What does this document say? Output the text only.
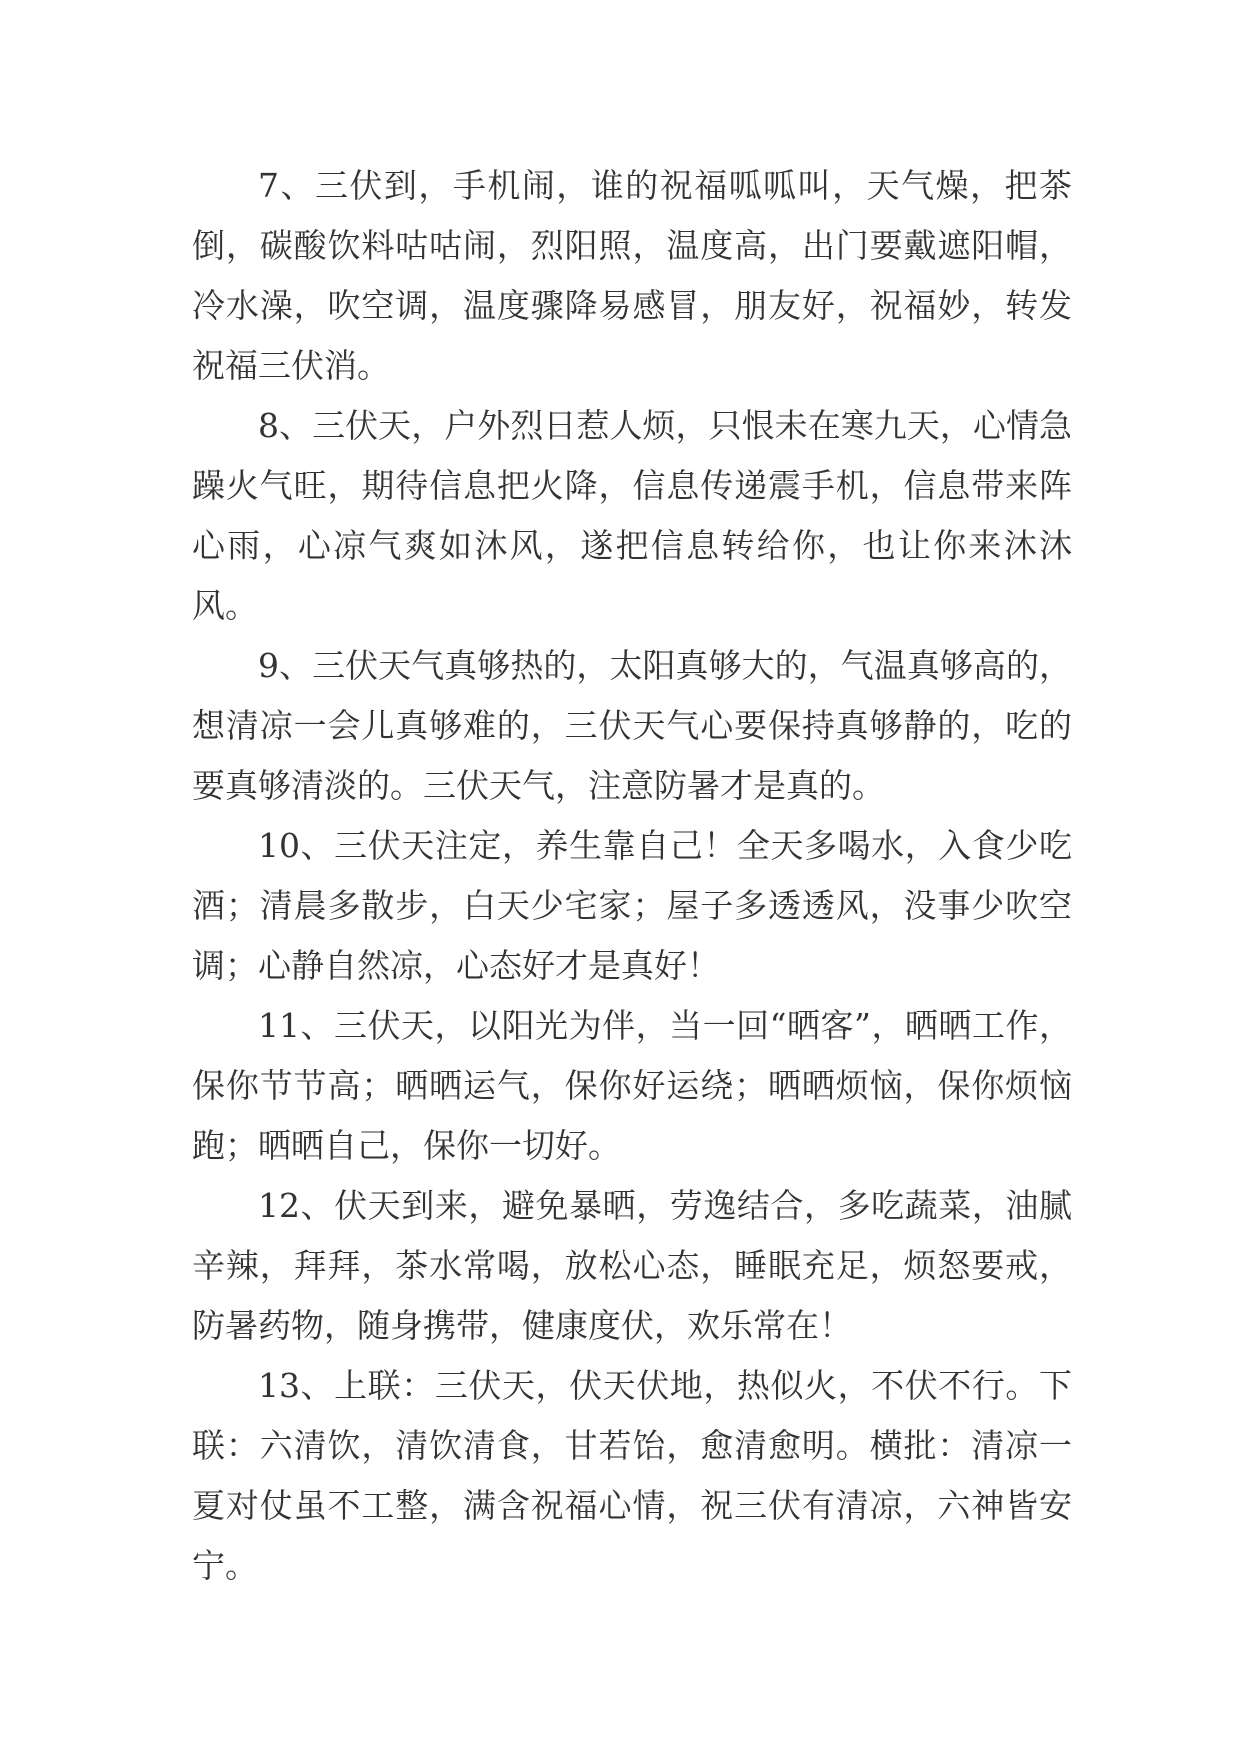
7、三伏到，手机闹，谁的祝福呱呱叫，天气燥，把茶倒，碳酸饮料咕咕闹，烈阳照，温度高，出门要戴遮阳帽，冷水澡，吹空调，温度骤降易感冒，朋友好，祝福妙，转发祝福三伏消。

8、三伏天，户外烈日惹人烦，只恨未在寒九天，心情急躁火气旺，期待信息把火降，信息传递震手机，信息带来阵心雨，心凉气爽如沐风，遂把信息转给你，也让你来沐沐风。

9、三伏天气真够热的，太阳真够大的，气温真够高的，想清凉一会儿真够难的，三伏天气心要保持真够静的，吃的要真够清淡的。三伏天气，注意防暑才是真的。

10、三伏天注定，养生靠自己！全天多喝水，入食少吃酒；清晨多散步，白天少宅家；屋子多透透风，没事少吹空调；心静自然凉，心态好才是真好！

11、三伏天，以阳光为伴，当一回“晒客”，晒晒工作，保你节节高；晒晒运气，保你好运绕；晒晒烦恼，保你烦恼跑；晒晒自己，保你一切好。

12、伏天到来，避免暴晒，劳逸结合，多吃蔬菜，油腻辛辣，拜拜，茶水常喝，放松心态，睡眠充足，烦怒要戒，防暑药物，随身携带，健康度伏，欢乐常在！

13、上联：三伏天，伏天伏地，热似火，不伏不行。下联：六清饮，清饮清食，甘若饴，愈清愈明。横批：清凉一夏对仗虽不工整，满含祝福心情，祝三伏有清凉，六神皆安宁。
